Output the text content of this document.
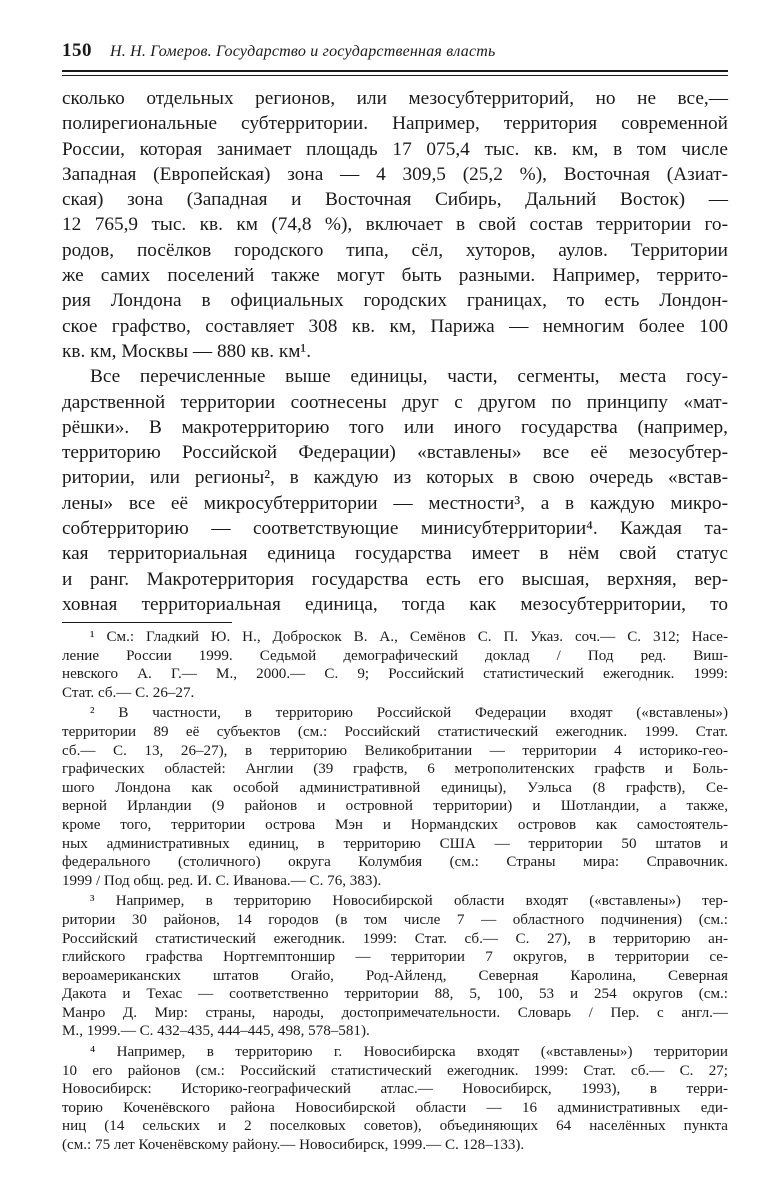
150 Н. Н. Гомеров. Государство и государственная власть
сколько отдельных регионов, или мезосубтерриторий, но не все,—
полирегиональные субтерритории. Например, территория современной
России, которая занимает площадь 17 075,4 тыс. кв. км, в том числе
Западная (Европейская) зона — 4 309,5 (25,2 %), Восточная (Азиат-
ская) зона (Западная и Восточная Сибирь, Дальний Восток) —
12 765,9 тыс. кв. км (74,8 %), включает в свой состав территории го-
родов, посёлков городского типа, сёл, хуторов, аулов. Территории
же самих поселений также могут быть разными. Например, террито-
рия Лондона в официальных городских границах, то есть Лондон-
ское графство, составляет 308 кв. км, Парижа — немногим более 100
кв. км, Москвы — 880 кв. км¹.
Все перечисленные выше единицы, части, сегменты, места госу-
дарственной территории соотнесены друг с другом по принципу «мат-
рёшки». В макротерриторию того или иного государства (например,
территорию Российской Федерации) «вставлены» все её мезосубтер-
ритории, или регионы², в каждую из которых в свою очередь «встав-
лены» все её микросубтерритории — местности³, а в каждую микро-
собтерриторию — соответствующие минисубтерритории⁴. Каждая та-
кая территориальная единица государства имеет в нём свой статус
и ранг. Макротерритория государства есть его высшая, верхняя, вер-
ховная территориальная единица, тогда как мезосубтерритории, то
¹ См.: Гладкий Ю. Н., Доброскок В. А., Семёнов С. П. Указ. соч.— С. 312; Насе-
ление России 1999. Седьмой демографический доклад / Под ред. Виш-
невского А. Г.— М., 2000.— С. 9; Российский статистический ежегодник. 1999:
Стат. сб.— С. 26–27.
² В частности, в территорию Российской Федерации входят («вставлены»)
территории 89 её субъектов (см.: Российский статистический ежегодник. 1999. Стат.
сб.— С. 13, 26–27), в территорию Великобритании — территории 4 историко-гео-
графических областей: Англии (39 графств, 6 метрополитенских графств и Боль-
шого Лондона как особой административной единицы), Уэльса (8 графств), Се-
верной Ирландии (9 районов и островной территории) и Шотландии, а также,
кроме того, территории острова Мэн и Нормандских островов как самостоятель-
ных административных единиц, в территорию США — территории 50 штатов и
федерального (столичного) округа Колумбия (см.: Страны мира: Справочник.
1999 / Под общ. ред. И. С. Иванова.— С. 76, 383).
³ Например, в территорию Новосибирской области входят («вставлены») тер-
ритории 30 районов, 14 городов (в том числе 7 — областного подчинения) (см.:
Российский статистический ежегодник. 1999: Стат. сб.— С. 27), в территорию ан-
глийского графства Нортгемптоншир — территории 7 округов, в территории се-
вероамериканских штатов Огайо, Род-Айленд, Северная Каролина, Северная
Дакота и Техас — соответственно территории 88, 5, 100, 53 и 254 округов (см.:
Манро Д. Мир: страны, народы, достопримечательности. Словарь / Пер. с англ.—
М., 1999.— С. 432–435, 444–445, 498, 578–581).
⁴ Например, в территорию г. Новосибирска входят («вставлены») территории
10 его районов (см.: Российский статистический ежегодник. 1999: Стат. сб.— С. 27;
Новосибирск: Историко-географический атлас.— Новосибирск, 1993), в терри-
торию Коченёвского района Новосибирской области — 16 административных еди-
ниц (14 сельских и 2 поселковых советов), объединяющих 64 населённых пункта
(см.: 75 лет Коченёвскому району.— Новосибирск, 1999.— С. 128–133).
